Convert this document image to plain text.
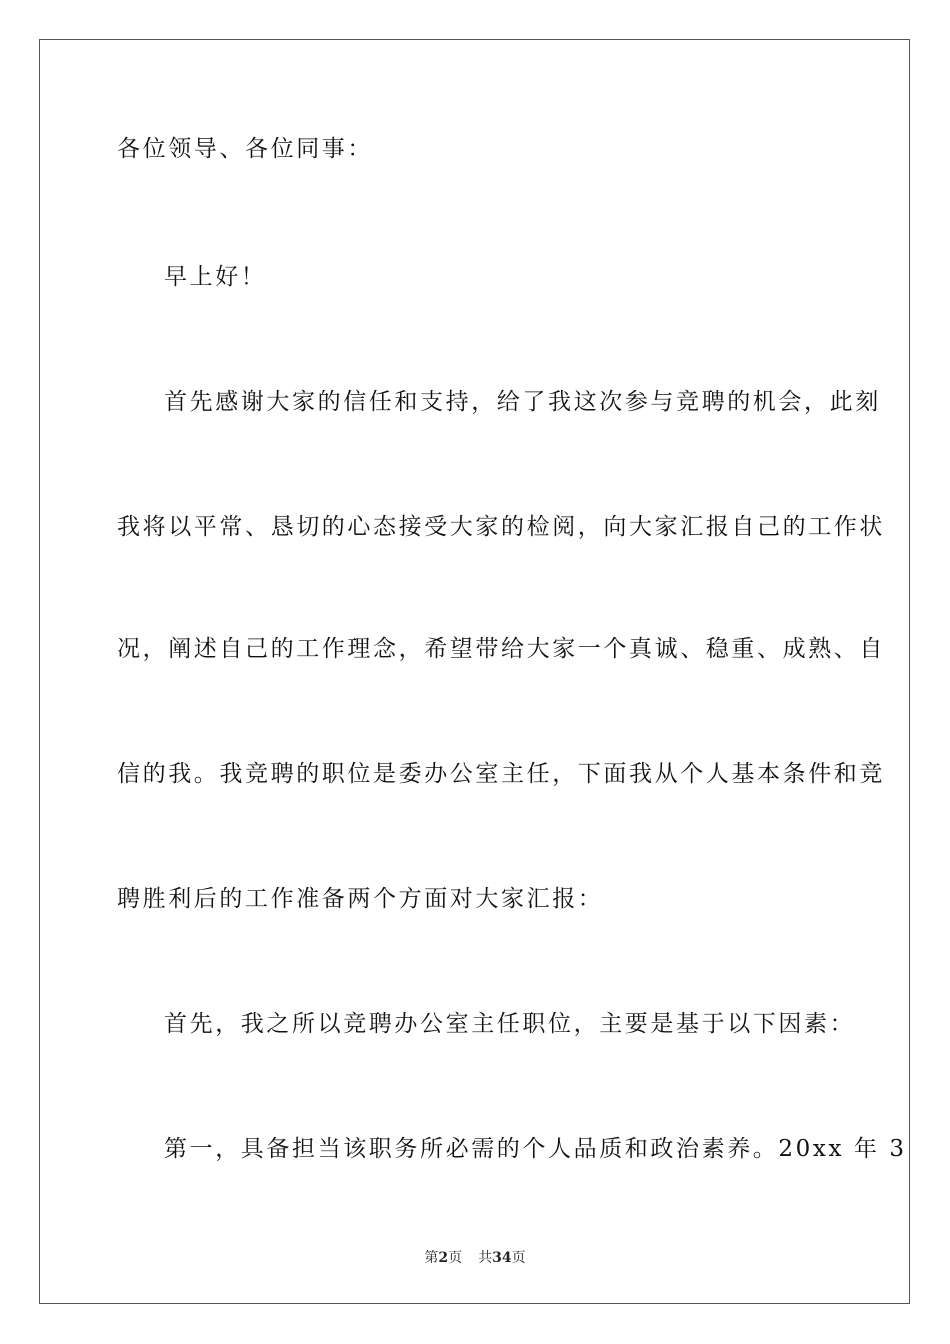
各位领导、各位同事：
早上好！
首先感谢大家的信任和支持，给了我这次参与竞聘的机会，此刻
我将以平常、恳切的心态接受大家的检阅，向大家汇报自己的工作状
况，阐述自己的工作理念，希望带给大家一个真诚、稳重、成熟、自
信的我。我竞聘的职位是委办公室主任，下面我从个人基本条件和竞
聘胜利后的工作准备两个方面对大家汇报：
首先，我之所以竞聘办公室主任职位，主要是基于以下因素：
第一，具备担当该职务所必需的个人品质和政治素养。20xx 年 3
第2页 共34页
